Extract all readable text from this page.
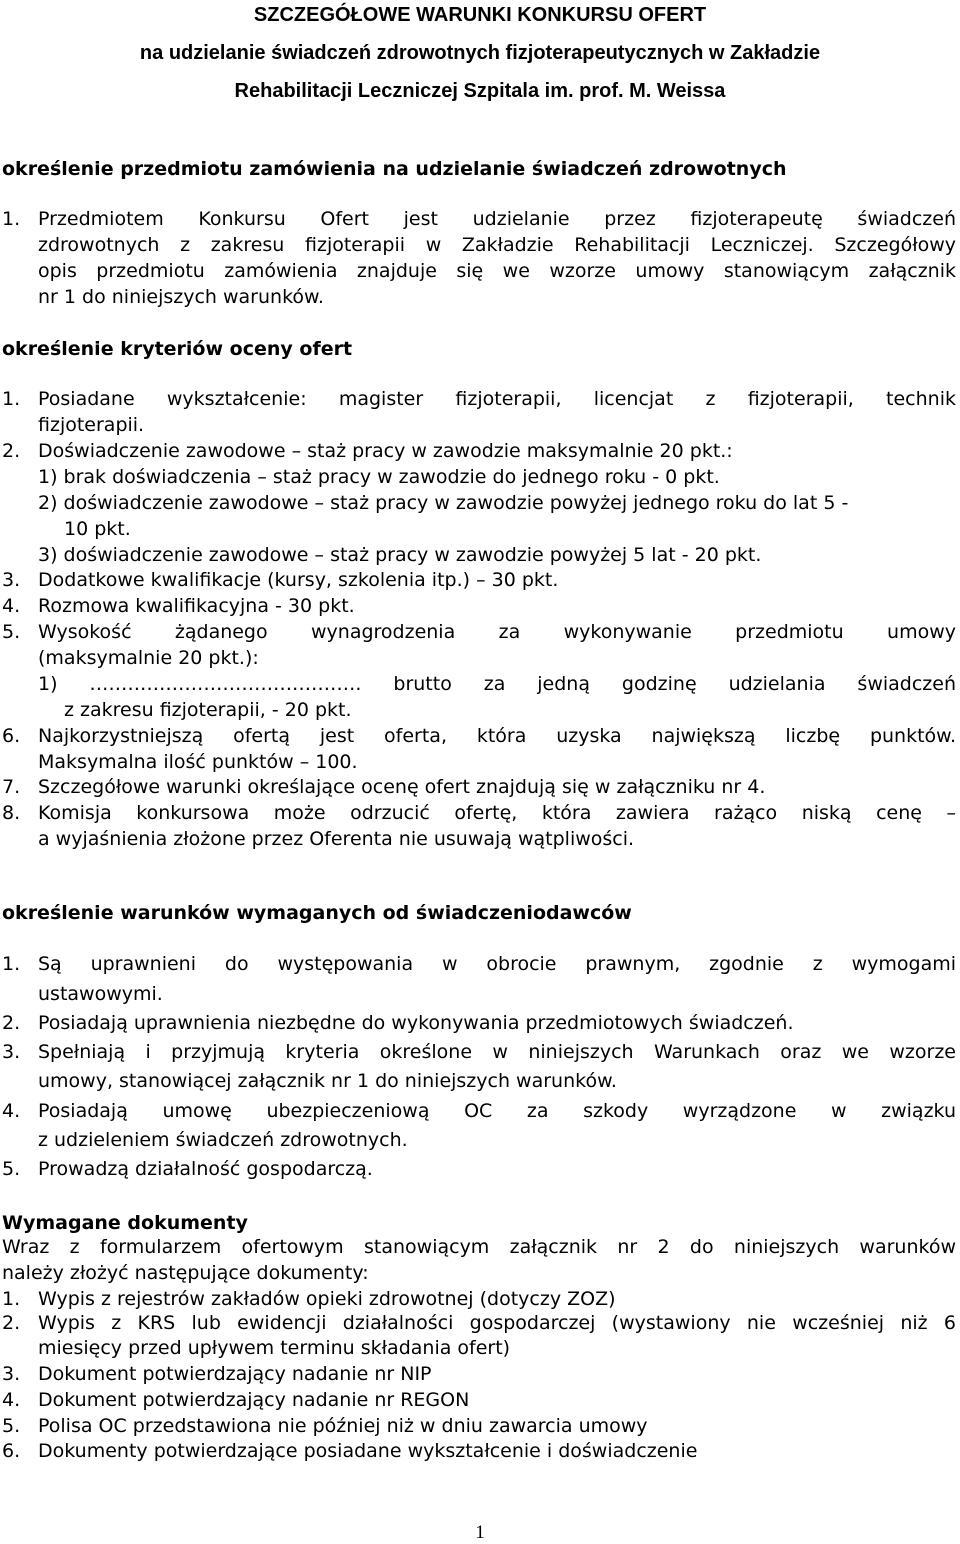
SZCZEGÓŁOWE WARUNKI KONKURSU OFERT
na udzielanie świadczeń zdrowotnych fizjoterapeutycznych w Zakładzie
Rehabilitacji Leczniczej Szpitala im. prof. M. Weissa
określenie przedmiotu zamówienia na udzielanie świadczeń zdrowotnych
1. Przedmiotem Konkursu Ofert jest udzielanie przez fizjoterapeutę świadczeń
zdrowotnych z zakresu fizjoterapii w Zakładzie Rehabilitacji Leczniczej. Szczegółowy
opis przedmiotu zamówienia znajduje się we wzorze umowy stanowiącym załącznik
nr 1 do niniejszych warunków.
określenie kryteriów oceny ofert
1. Posiadane wykształcenie: magister fizjoterapii, licencjat z fizjoterapii, technik
fizjoterapii.
2. Doświadczenie zawodowe – staż pracy w zawodzie maksymalnie 20 pkt.:
1) brak doświadczenia – staż pracy w zawodzie do jednego roku - 0 pkt.
2) doświadczenie zawodowe – staż pracy w zawodzie powyżej jednego roku do lat 5 -
10 pkt.
3) doświadczenie zawodowe – staż pracy w zawodzie powyżej 5 lat - 20 pkt.
3. Dodatkowe kwalifikacje (kursy, szkolenia itp.) – 30 pkt.
4. Rozmowa kwalifikacyjna - 30 pkt.
5. Wysokość żądanego wynagrodzenia za wykonywanie przedmiotu umowy
(maksymalnie 20 pkt.):
1) ……………………………………. brutto za jedną godzinę udzielania świadczeń
z zakresu fizjoterapii, - 20 pkt.
6. Najkorzystniejszą ofertą jest oferta, która uzyska największą liczbę punktów.
Maksymalna ilość punktów – 100.
7. Szczegółowe warunki określające ocenę ofert znajdują się w załączniku nr 4.
8. Komisja konkursowa może odrzucić ofertę, która zawiera rażąco niską cenę –
a wyjaśnienia złożone przez Oferenta nie usuwają wątpliwości.
określenie warunków wymaganych od świadczeniodawców
1. Są uprawnieni do występowania w obrocie prawnym, zgodnie z wymogami
ustawowymi.
2. Posiadają uprawnienia niezbędne do wykonywania przedmiotowych świadczeń.
3. Spełniają i przyjmują kryteria określone w niniejszych Warunkach oraz we wzorze
umowy, stanowiącej załącznik nr 1 do niniejszych warunków.
4. Posiadają umowę ubezpieczeniową OC za szkody wyrządzone w związku
z udzieleniem świadczeń zdrowotnych.
5. Prowadzą działalność gospodarczą.
Wymagane dokumenty
Wraz z formularzem ofertowym stanowiącym załącznik nr 2 do niniejszych warunków
należy złożyć następujące dokumenty:
1. Wypis z rejestrów zakładów opieki zdrowotnej (dotyczy ZOZ)
2. Wypis z KRS lub ewidencji działalności gospodarczej (wystawiony nie wcześniej niż 6
miesięcy przed upływem terminu składania ofert)
3. Dokument potwierdzający nadanie nr NIP
4. Dokument potwierdzający nadanie nr REGON
5. Polisa OC przedstawiona nie później niż w dniu zawarcia umowy
6. Dokumenty potwierdzające posiadane wykształcenie i doświadczenie
1
